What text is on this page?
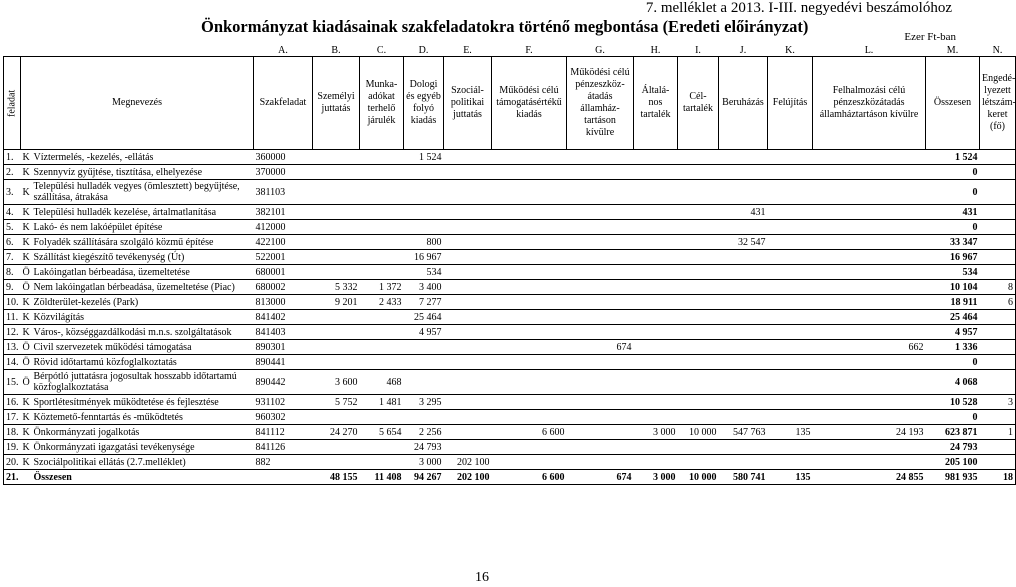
7. melléklet a 2013. I-III. negyedévi beszámolóhoz
Önkormányzat kiadásainak szakfeladatokra történő megbontása (Eredeti előirányzat)
Ezer Ft-ban
			A.	B.	C.	D.	E.	F.	G.	H.	I.	J.	K.	L.	M.	N.
feladat	Megnevezés		Szakfeladat	Személyi juttatás	Munka-adókat terhelő járulék	Dologi és egyéb folyó kiadás	Szociál-politikai juttatás	Működési célú támogatásértékű kiadás	Működési célú pénzeszköz-átadás államház-tartáson kívülre	Általá-nos tartalék	Cél-tartalék	Beruházás	Felújítás	Felhalmozási célú pénzeszközátadás államháztartáson kívülre	Összesen	Engedé-lyezett létszám-keret (fő)
1.	K	Víztermelés, -kezelés, -ellátás	360000			1 524									1 524	
2.	K	Szennyvíz gyűjtése, tisztítása, elhelyezése	370000												0	
3.	K	Települési hulladék vegyes (ömlesztett) begyűjtése, szállítása, átrakása	381103												0	
4.	K	Települési hulladék kezelése, ártalmatlanítása	382101									431			431	
5.	K	Lakó- és nem lakóépület építése	412000												0	
6.	K	Folyadék szállítására szolgáló közmű építése	422100			800						32 547			33 347	
7.	K	Szállítást kiegészítő tevékenység (Út)	522001			16 967									16 967	
8.	Ö	Lakóingatlan bérbeadása, üzemeltetése	680001			534									534	
9.	Ö	Nem lakóingatlan bérbeadása, üzemeltetése (Piac)	680002	5 332	1 372	3 400									10 104	8
10.	K	Zöldterület-kezelés (Park)	813000	9 201	2 433	7 277									18 911	6
11.	K	Közvilágítás	841402			25 464									25 464	
12.	K	Város-, községgazdálkodási m.n.s. szolgáltatások	841403			4 957									4 957	
13.	Ö	Civil szervezetek működési támogatása	890301						674					662	1 336	
14.	Ö	Rövid időtartamú közfoglalkoztatás	890441												0	
15.	Ö	Bérpótló juttatásra jogosultak hosszabb időtartamú közfoglalkoztatása	890442	3 600	468										4 068	
16.	K	Sportlétesítmények működtetése és fejlesztése	931102	5 752	1 481	3 295									10 528	3
17.	K	Köztemető-fenntartás és -működtetés	960302												0	
18.	K	Önkormányzati jogalkotás	841112	24 270	5 654	2 256		6 600		3 000	10 000	547 763	135	24 193	623 871	1
19.	K	Önkormányzati igazgatási tevékenysége	841126			24 793									24 793	
20.	K	Szociálpolitikai ellátás (2.7.melléklet)	882			3 000	202 100								205 100	
21.		Összesen		48 155	11 408	94 267	202 100	6 600	674	3 000	10 000	580 741	135	24 855	981 935	18
16
